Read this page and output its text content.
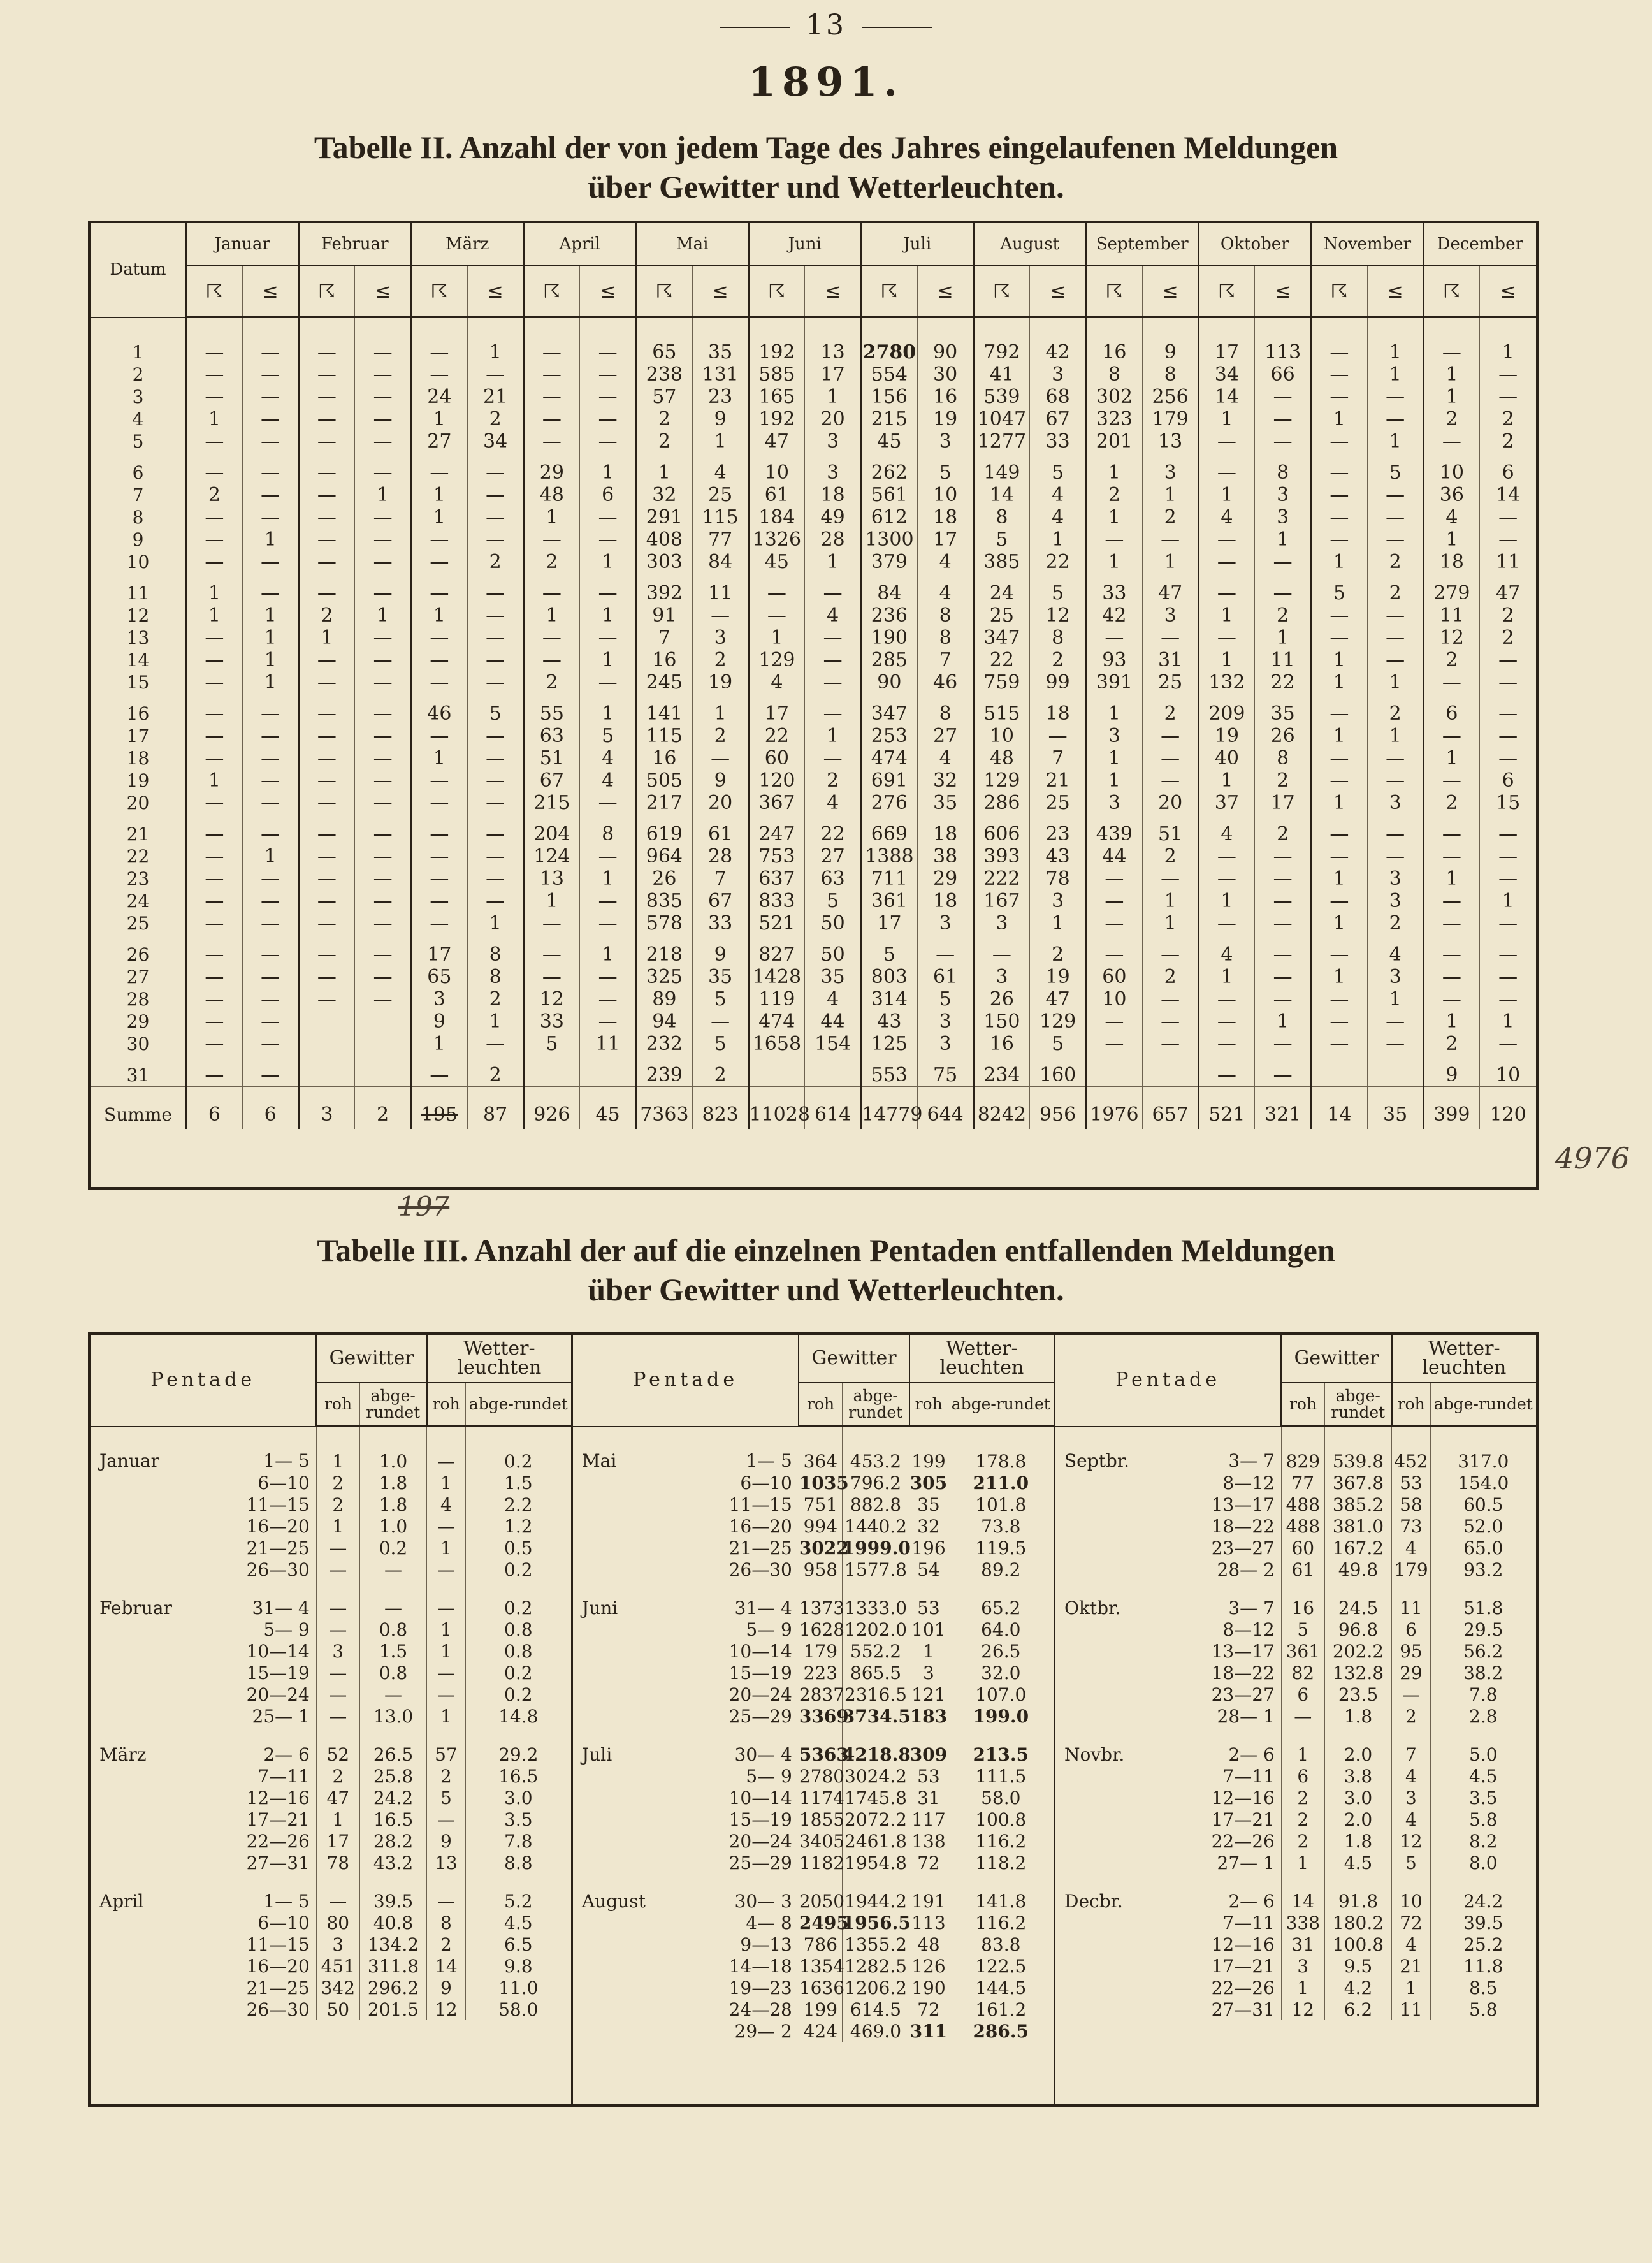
13
1891.
Tabelle II. Anzahl der von jedem Tage des Jahres eingelaufenen Meldungen
über Gewitter und Wetterleuchten.
Datum	Januar		Februar		März		April		Mai		Juni		Juli		August		September		Oktober		November		December	
	☈	≤	☈	≤	☈	≤	☈	≤	☈	≤	☈	≤	☈	≤	☈	≤	☈	≤	☈	≤	☈	≤	☈	≤
1	—	—	—	—	—	1	—	—	65	35	192	13	2780	90	792	42	16	9	17	113	—	1	—	1
2	—	—	—	—	—	—	—	—	238	131	585	17	554	30	41	3	8	8	34	66	—	1	1	—
3	—	—	—	—	24	21	—	—	57	23	165	1	156	16	539	68	302	256	14	—	—	—	1	—
4	1	—	—	—	1	2	—	—	2	9	192	20	215	19	1047	67	323	179	1	—	1	—	2	2
5	—	—	—	—	27	34	—	—	2	1	47	3	45	3	1277	33	201	13	—	—	—	1	—	2
6	—	—	—	—	—	—	29	1	1	4	10	3	262	5	149	5	1	3	—	8	—	5	10	6
7	2	—	—	1	1	—	48	6	32	25	61	18	561	10	14	4	2	1	1	3	—	—	36	14
8	—	—	—	—	1	—	1	—	291	115	184	49	612	18	8	4	1	2	4	3	—	—	4	—
9	—	1	—	—	—	—	—	—	408	77	1326	28	1300	17	5	1	—	—	—	1	—	—	1	—
10	—	—	—	—	—	2	2	1	303	84	45	1	379	4	385	22	1	1	—	—	1	2	18	11
11	1	—	—	—	—	—	—	—	392	11	—	—	84	4	24	5	33	47	—	—	5	2	279	47
12	1	1	2	1	1	—	1	1	91	—	—	4	236	8	25	12	42	3	1	2	—	—	11	2
13	—	1	1	—	—	—	—	—	7	3	1	—	190	8	347	8	—	—	—	1	—	—	12	2
14	—	1	—	—	—	—	—	1	16	2	129	—	285	7	22	2	93	31	1	11	1	—	2	—
15	—	1	—	—	—	—	2	—	245	19	4	—	90	46	759	99	391	25	132	22	1	1	—	—
16	—	—	—	—	46	5	55	1	141	1	17	—	347	8	515	18	1	2	209	35	—	2	6	—
17	—	—	—	—	—	—	63	5	115	2	22	1	253	27	10	—	3	—	19	26	1	1	—	—
18	—	—	—	—	1	—	51	4	16	—	60	—	474	4	48	7	1	—	40	8	—	—	1	—
19	1	—	—	—	—	—	67	4	505	9	120	2	691	32	129	21	1	—	1	2	—	—	—	6
20	—	—	—	—	—	—	215	—	217	20	367	4	276	35	286	25	3	20	37	17	1	3	2	15
21	—	—	—	—	—	—	204	8	619	61	247	22	669	18	606	23	439	51	4	2	—	—	—	—
22	—	1	—	—	—	—	124	—	964	28	753	27	1388	38	393	43	44	2	—	—	—	—	—	—
23	—	—	—	—	—	—	13	1	26	7	637	63	711	29	222	78	—	—	—	—	1	3	1	—
24	—	—	—	—	—	—	1	—	835	67	833	5	361	18	167	3	—	1	1	—	—	3	—	1
25	—	—	—	—	—	1	—	—	578	33	521	50	17	3	3	1	—	1	—	—	1	2	—	—
26	—	—	—	—	17	8	—	1	218	9	827	50	5	—	—	2	—	—	4	—	—	4	—	—
27	—	—	—	—	65	8	—	—	325	35	1428	35	803	61	3	19	60	2	1	—	1	3	—	—
28	—	—	—	—	3	2	12	—	89	5	119	4	314	5	26	47	10	—	—	—	—	1	—	—
29	—	—			9	1	33	—	94	—	474	44	43	3	150	129	—	—	—	1	—	—	1	1
30	—	—			1	—	5	11	232	5	1658	154	125	3	16	5	—	—	—	—	—	—	2	—
31	—	—			—	2			239	2			553	75	234	160			—	—			9	10
Summe	6	6	3	2	195	87	926	45	7363	823	11028	614	14779	644	8242	956	1976	657	521	321	14	35	399	120
197
4976
Tabelle III. Anzahl der auf die einzelnen Pentaden entfallenden Meldungen
über Gewitter und Wetterleuchten.
Pentade		Gewitter		Wetter-leuchten	
		roh	abge-rundet	roh	abge-rundet
Januar	1— 5	1	1.0	—	0.2
	6—10	2	1.8	1	1.5
	11—15	2	1.8	4	2.2
	16—20	1	1.0	—	1.2
	21—25	—	0.2	1	0.5
	26—30	—	—	—	0.2
Februar	31— 4	—	—	—	0.2
	5— 9	—	0.8	1	0.8
	10—14	3	1.5	1	0.8
	15—19	—	0.8	—	0.2
	20—24	—	—	—	0.2
	25— 1	—	13.0	1	14.8
März	2— 6	52	26.5	57	29.2
	7—11	2	25.8	2	16.5
	12—16	47	24.2	5	3.0
	17—21	1	16.5	—	3.5
	22—26	17	28.2	9	7.8
	27—31	78	43.2	13	8.8
April	1— 5	—	39.5	—	5.2
	6—10	80	40.8	8	4.5
	11—15	3	134.2	2	6.5
	16—20	451	311.8	14	9.8
	21—25	342	296.2	9	11.0
	26—30	50	201.5	12	58.0
Pentade		Gewitter		Wetter-leuchten	
		roh	abge-rundet	roh	abge-rundet
Mai	1— 5	364	453.2	199	178.8
	6—10	1035	796.2	305	211.0
	11—15	751	882.8	35	101.8
	16—20	994	1440.2	32	73.8
	21—25	3022	1999.0	196	119.5
	26—30	958	1577.8	54	89.2
Juni	31— 4	1373	1333.0	53	65.2
	5— 9	1628	1202.0	101	64.0
	10—14	179	552.2	1	26.5
	15—19	223	865.5	3	32.0
	20—24	2837	2316.5	121	107.0
	25—29	3369	3734.5	183	199.0
Juli	30— 4	5363	4218.8	309	213.5
	5— 9	2780	3024.2	53	111.5
	10—14	1174	1745.8	31	58.0
	15—19	1855	2072.2	117	100.8
	20—24	3405	2461.8	138	116.2
	25—29	1182	1954.8	72	118.2
August	30— 3	2050	1944.2	191	141.8
	4— 8	2495	1956.5	113	116.2
	9—13	786	1355.2	48	83.8
	14—18	1354	1282.5	126	122.5
	19—23	1636	1206.2	190	144.5
	24—28	199	614.5	72	161.2
	29— 2	424	469.0	311	286.5
Pentade		Gewitter		Wetter-leuchten	
		roh	abge-rundet	roh	abge-rundet
Septbr.	3— 7	829	539.8	452	317.0
	8—12	77	367.8	53	154.0
	13—17	488	385.2	58	60.5
	18—22	488	381.0	73	52.0
	23—27	60	167.2	4	65.0
	28— 2	61	49.8	179	93.2
Oktbr.	3— 7	16	24.5	11	51.8
	8—12	5	96.8	6	29.5
	13—17	361	202.2	95	56.2
	18—22	82	132.8	29	38.2
	23—27	6	23.5	—	7.8
	28— 1	—	1.8	2	2.8
Novbr.	2— 6	1	2.0	7	5.0
	7—11	6	3.8	4	4.5
	12—16	2	3.0	3	3.5
	17—21	2	2.0	4	5.8
	22—26	2	1.8	12	8.2
	27— 1	1	4.5	5	8.0
Decbr.	2— 6	14	91.8	10	24.2
	7—11	338	180.2	72	39.5
	12—16	31	100.8	4	25.2
	17—21	3	9.5	21	11.8
	22—26	1	4.2	1	8.5
	27—31	12	6.2	11	5.8
